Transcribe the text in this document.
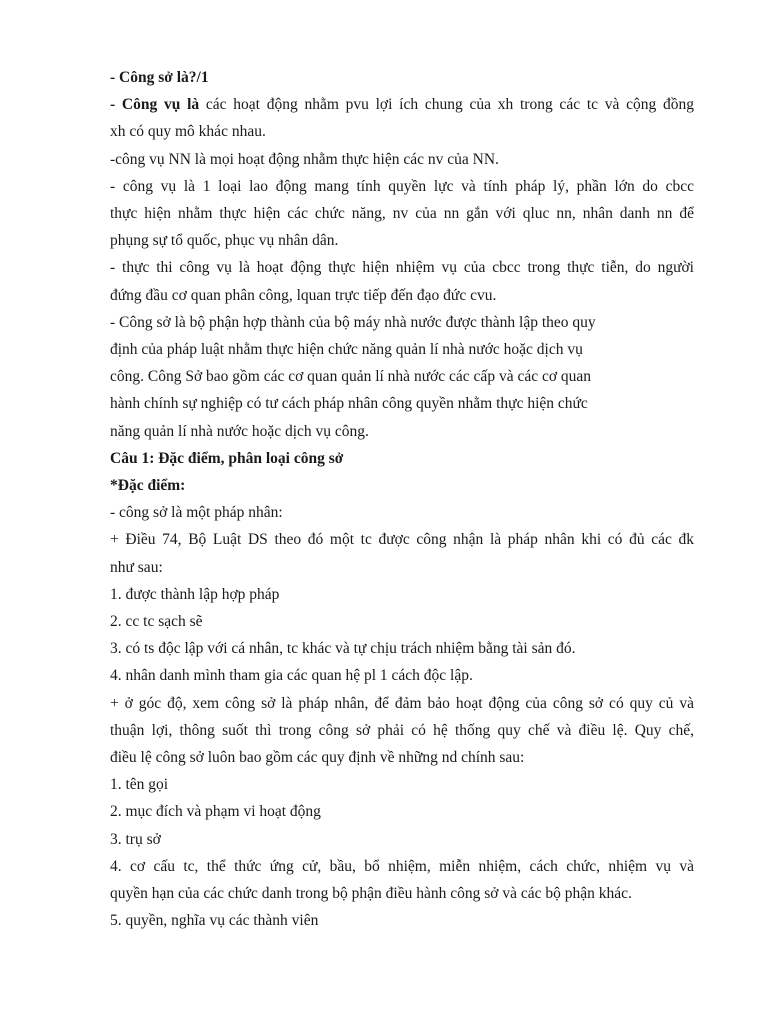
- Công sở là?/1

- Công vụ là các hoạt động nhằm pvu lợi ích chung của xh trong các tc và cộng đồng

xh có quy mô khác nhau.

-công vụ NN là mọi hoạt động nhằm thực hiện các nv của NN.

- công vụ là 1 loại lao động mang tính quyền lực và tính pháp lý, phần lớn do cbcc

thực hiện nhằm thực hiện các chức năng, nv của nn gắn với qluc nn, nhân danh nn để

phụng sự tổ quốc, phục vụ nhân dân.

- thực thi công vụ là hoạt động thực hiện nhiệm vụ của cbcc trong thực tiễn, do người

đứng đầu cơ quan phân công, lquan trực tiếp đến đạo đức cvu.

- Công sở là bộ phận hợp thành của bộ máy nhà nước được thành lập theo quy

định của pháp luật nhằm thực hiện chức năng quản lí nhà nước hoặc dịch vụ

công. Công Sở bao gồm các cơ quan quản lí nhà nước các cấp và các cơ quan

hành chính sự nghiệp có tư cách pháp nhân công quyền nhằm thực hiện chức

năng quản lí nhà nước hoặc dịch vụ công.

Câu 1: Đặc điểm, phân loại công sở

*Đặc điểm:

- công sở là một pháp nhân:

+ Điều 74, Bộ Luật DS theo đó một tc được công nhận là pháp nhân khi có đủ các đk

như sau:

1. được thành lập hợp pháp

2. cc tc sạch sẽ

3. có ts độc lập với cá nhân, tc khác và tự chịu trách nhiệm bằng tài sản đó.

4. nhân danh mình tham gia các quan hệ pl 1 cách độc lập.

+ ở góc độ, xem công sở là pháp nhân, để đảm bảo hoạt động của công sở có quy củ và

thuận lợi, thông suốt thì trong công sở phải có hệ thống quy chế và điều lệ. Quy chế,

điều lệ công sở luôn bao gồm các quy định về những nd chính sau:

1. tên gọi

2. mục đích và phạm vi hoạt động

3. trụ sở

4. cơ cấu tc, thể thức ứng cử, bầu, bổ nhiệm, miễn nhiệm, cách chức, nhiệm vụ và

quyền hạn của các chức danh trong bộ phận điều hành công sở và các bộ phận khác.

5. quyền, nghĩa vụ các thành viên
